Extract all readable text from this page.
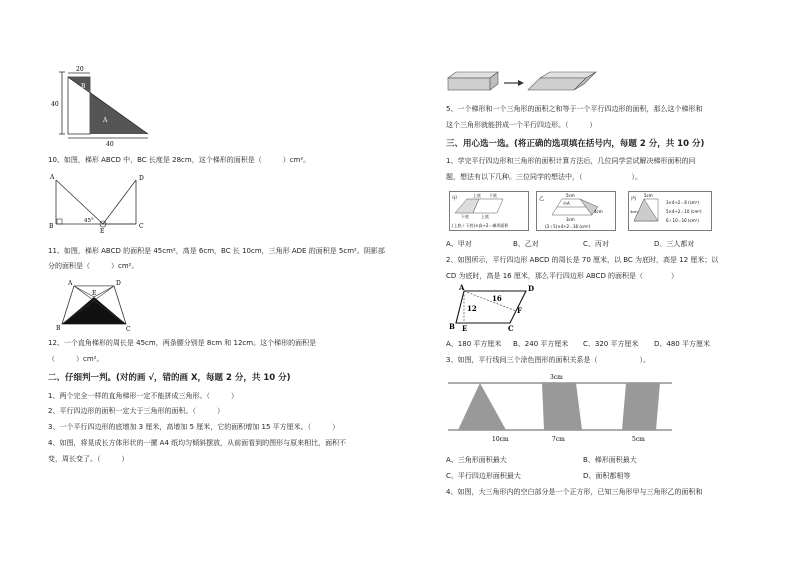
20
40
40
B
A
10、如图，梯形 ABCD 中，BC 长度是 28cm，这个梯形的面积是（　　　）cm²。
A
B	C
D
E
45°
11、如图，梯形 ABCD 的面积是 45cm²，高是 6cm，BC 长 10cm，三角形 ADE 的面积是 5cm²。阴影部
分的面积是（　　　）cm²。
A	D
E
B	C
12、一个直角梯形的周长是 45cm，两条腰分别是 8cm 和 12cm。这个梯形的面积是
（　　　）cm²。
二、仔细判一判。(对的画 √，错的画 X，每题 2 分，共 10 分)
1、两个完全一样的直角梯形一定不能拼成三角形。（　　　）
2、平行四边形的面积一定大于三角形的面积。（　　　）
3、一个平行四边形的底增加 3 厘米，高增加 5 厘米，它的面积增加 15 平方厘米。（　　　）
4、如图，将晃成长方体形状的一摞 A4 纸均匀倾斜摆放，从前面看到的图形与原来相比，面积不
变，周长变了。（　　　）
5、一个梯形和一个三角形的面积之和等于一个平行四边形的面积，那么这个梯形和
这个三角形就能拼成一个平行四边形。（　　　）
三、用心选一选。(将正确的选项填在括号内，每题 2 分，共 10 分)
1、学完平行四边形和三角形的面积计算方法后，几位同学尝试解决梯形面积的问
题，想法有以下几种。三位同学的想法中，（　　　　　　　）。
甲
上底 下底
下底	上底
(上底＋下底)×高÷2＝梯形面积
乙
5cm
中A
4cm
3cm
(3＋5)×4÷2＝16 (cm²)
丙
5cm
4cm
3×4÷2＝6 (cm²)
5×4÷2＝10 (cm²)
6＋10＝16 (cm²)
A、甲对	B、乙对	C、丙对	D、三人都对
2、如图所示，平行四边形 ABCD 的周长是 70 厘米，以 BC 为底时，高是 12 厘米；以
CD 为底时，高是 16 厘米，那么平行四边形 ABCD 的面积是（　　　　）
A	D
B	C
E
F
12
16
A、180 平方厘米 B、240 平方厘米 C、320 平方厘米 D、480 平方厘米
3、如图，平行线间三个涂色图形的面积关系是（　　　　　　）。
3cm
10cm	7cm	5cm
A、三角形面积最大	B、梯形面积最大
C、平行四边形面积最大	D、面积都相等
4、如图，大三角形内的空白部分是一个正方形，已知三角形甲与三角形乙的面积和
